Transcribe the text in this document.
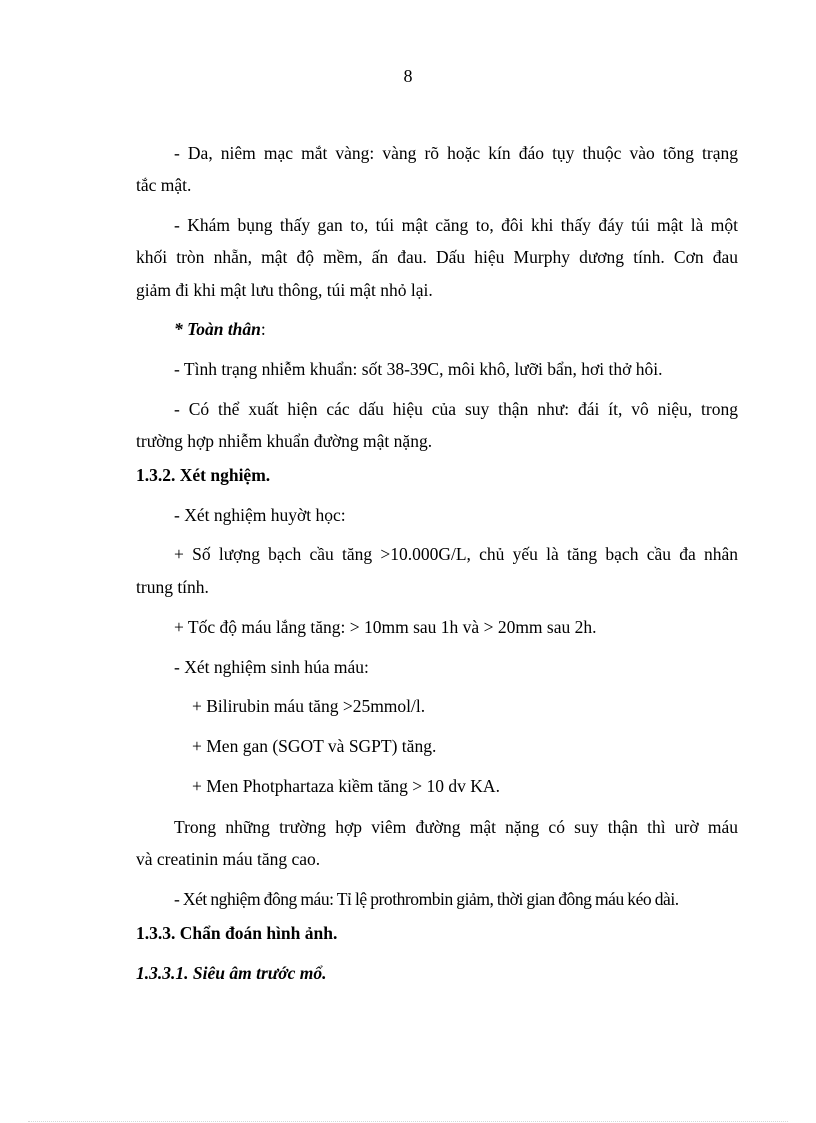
8
- Da, niêm mạc mắt vàng: vàng rõ hoặc kín đáo tụy thuộc vào tõng trạng
tắc mật.
- Khám bụng thấy gan to, túi mật căng to, đôi khi thấy đáy túi mật là một
khối tròn nhẵn, mật độ mềm, ấn đau. Dấu hiệu Murphy dương tính. Cơn đau
giảm đi khi mật lưu thông, túi mật nhỏ lại.
* Toàn thân:
- Tình trạng nhiễm khuẩn: sốt 38-39C, môi khô, lưỡi bẩn, hơi thở hôi.
- Có thể xuất hiện các dấu hiệu của suy thận như: đái ít, vô niệu, trong
trường hợp nhiễm khuẩn đường mật nặng.
1.3.2. Xét nghiệm.
- Xét nghiệm huyờt học:
+ Số lượng bạch cầu tăng >10.000G/L, chủ yếu là tăng bạch cầu đa nhân
trung tính.
+ Tốc độ máu lắng tăng: > 10mm sau 1h và > 20mm sau 2h.
- Xét nghiệm sinh húa máu:
+ Bilirubin máu tăng >25mmol/l.
+ Men gan (SGOT và SGPT) tăng.
+ Men Photphartaza kiềm tăng > 10 dv KA.
Trong những trường hợp viêm đường mật nặng có suy thận thì urờ máu
và creatinin máu tăng cao.
- Xét nghiệm đông máu: Tỉ lệ prothrombin giảm, thời gian đông máu kéo dài.
1.3.3. Chẩn đoán hình ảnh.
1.3.3.1. Siêu âm trước mổ.
